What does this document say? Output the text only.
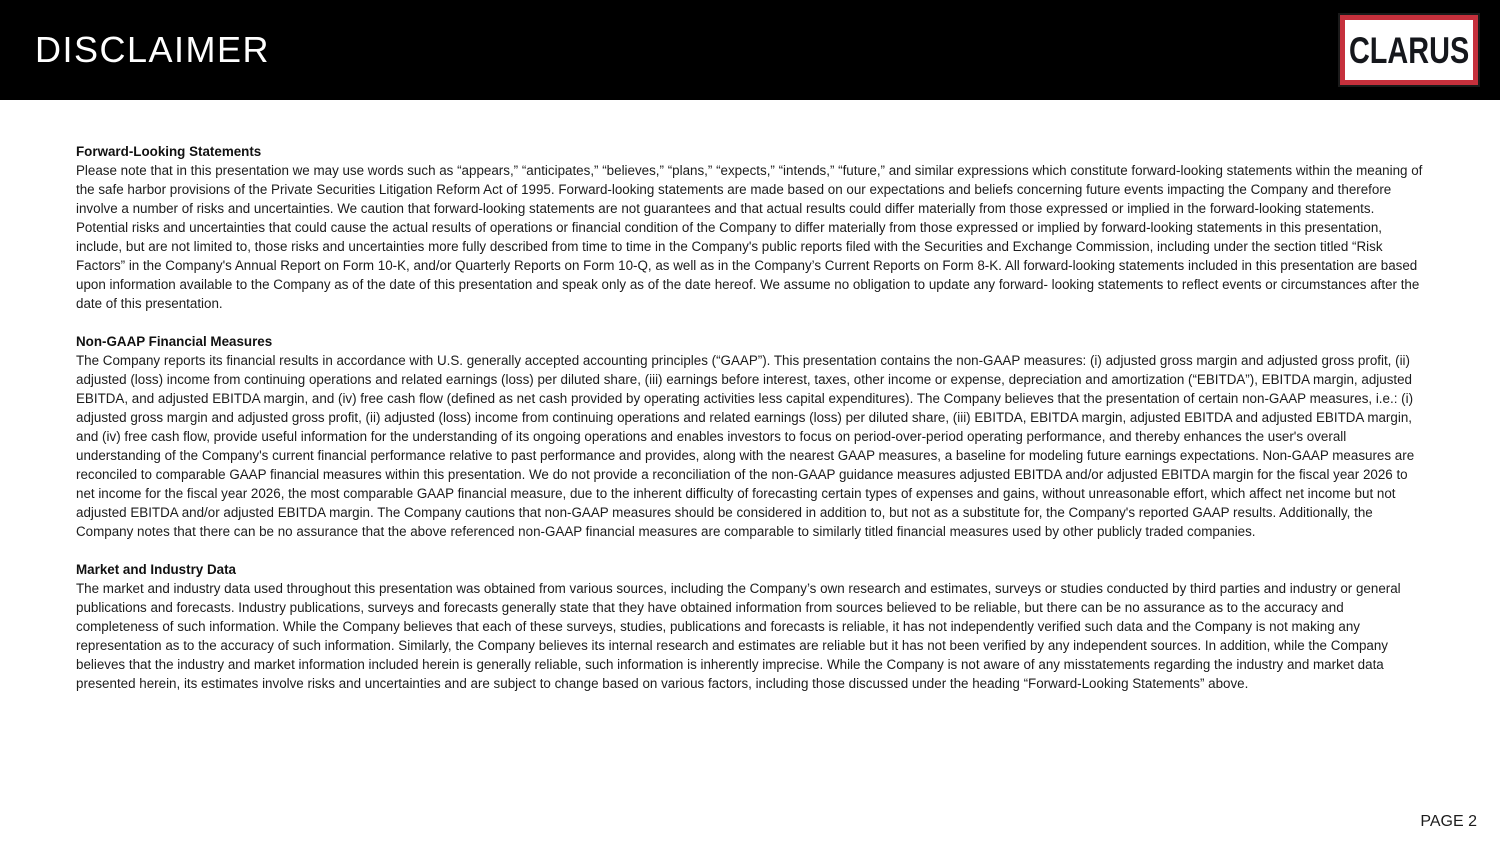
DISCLAIMER	CLARUS
Forward-Looking Statements
Please note that in this presentation we may use words such as “appears,” “anticipates,” “believes,” “plans,” “expects,” “intends,” “future,” and similar expressions which constitute forward-looking statements within the meaning of the safe harbor provisions of the Private Securities Litigation Reform Act of 1995. Forward-looking statements are made based on our expectations and beliefs concerning future events impacting the Company and therefore involve a number of risks and uncertainties. We caution that forward-looking statements are not guarantees and that actual results could differ materially from those expressed or implied in the forward-looking statements. Potential risks and uncertainties that could cause the actual results of operations or financial condition of the Company to differ materially from those expressed or implied by forward-looking statements in this presentation, include, but are not limited to, those risks and uncertainties more fully described from time to time in the Company's public reports filed with the Securities and Exchange Commission, including under the section titled “Risk Factors” in the Company's Annual Report on Form 10-K, and/or Quarterly Reports on Form 10-Q, as well as in the Company’s Current Reports on Form 8-K. All forward-looking statements included in this presentation are based upon information available to the Company as of the date of this presentation and speak only as of the date hereof. We assume no obligation to update any forward- looking statements to reflect events or circumstances after the date of this presentation.
Non-GAAP Financial Measures
The Company reports its financial results in accordance with U.S. generally accepted accounting principles (“GAAP”). This presentation contains the non-GAAP measures: (i) adjusted gross margin and adjusted gross profit, (ii) adjusted (loss) income from continuing operations and related earnings (loss) per diluted share, (iii) earnings before interest, taxes, other income or expense, depreciation and amortization (“EBITDA”), EBITDA margin, adjusted EBITDA, and adjusted EBITDA margin, and (iv) free cash flow (defined as net cash provided by operating activities less capital expenditures). The Company believes that the presentation of certain non-GAAP measures, i.e.: (i) adjusted gross margin and adjusted gross profit, (ii) adjusted (loss) income from continuing operations and related earnings (loss) per diluted share, (iii) EBITDA, EBITDA margin, adjusted EBITDA and adjusted EBITDA margin, and (iv) free cash flow, provide useful information for the understanding of its ongoing operations and enables investors to focus on period-over-period operating performance, and thereby enhances the user's overall understanding of the Company's current financial performance relative to past performance and provides, along with the nearest GAAP measures, a baseline for modeling future earnings expectations. Non-GAAP measures are reconciled to comparable GAAP financial measures within this presentation. We do not provide a reconciliation of the non-GAAP guidance measures adjusted EBITDA and/or adjusted EBITDA margin for the fiscal year 2026 to net income for the fiscal year 2026, the most comparable GAAP financial measure, due to the inherent difficulty of forecasting certain types of expenses and gains, without unreasonable effort, which affect net income but not adjusted EBITDA and/or adjusted EBITDA margin. The Company cautions that non-GAAP measures should be considered in addition to, but not as a substitute for, the Company's reported GAAP results. Additionally, the Company notes that there can be no assurance that the above referenced non-GAAP financial measures are comparable to similarly titled financial measures used by other publicly traded companies.
Market and Industry Data
The market and industry data used throughout this presentation was obtained from various sources, including the Company’s own research and estimates, surveys or studies conducted by third parties and industry or general publications and forecasts. Industry publications, surveys and forecasts generally state that they have obtained information from sources believed to be reliable, but there can be no assurance as to the accuracy and completeness of such information. While the Company believes that each of these surveys, studies, publications and forecasts is reliable, it has not independently verified such data and the Company is not making any representation as to the accuracy of such information. Similarly, the Company believes its internal research and estimates are reliable but it has not been verified by any independent sources. In addition, while the Company believes that the industry and market information included herein is generally reliable, such information is inherently imprecise. While the Company is not aware of any misstatements regarding the industry and market data presented herein, its estimates involve risks and uncertainties and are subject to change based on various factors, including those discussed under the heading “Forward-Looking Statements” above.
PAGE 2
